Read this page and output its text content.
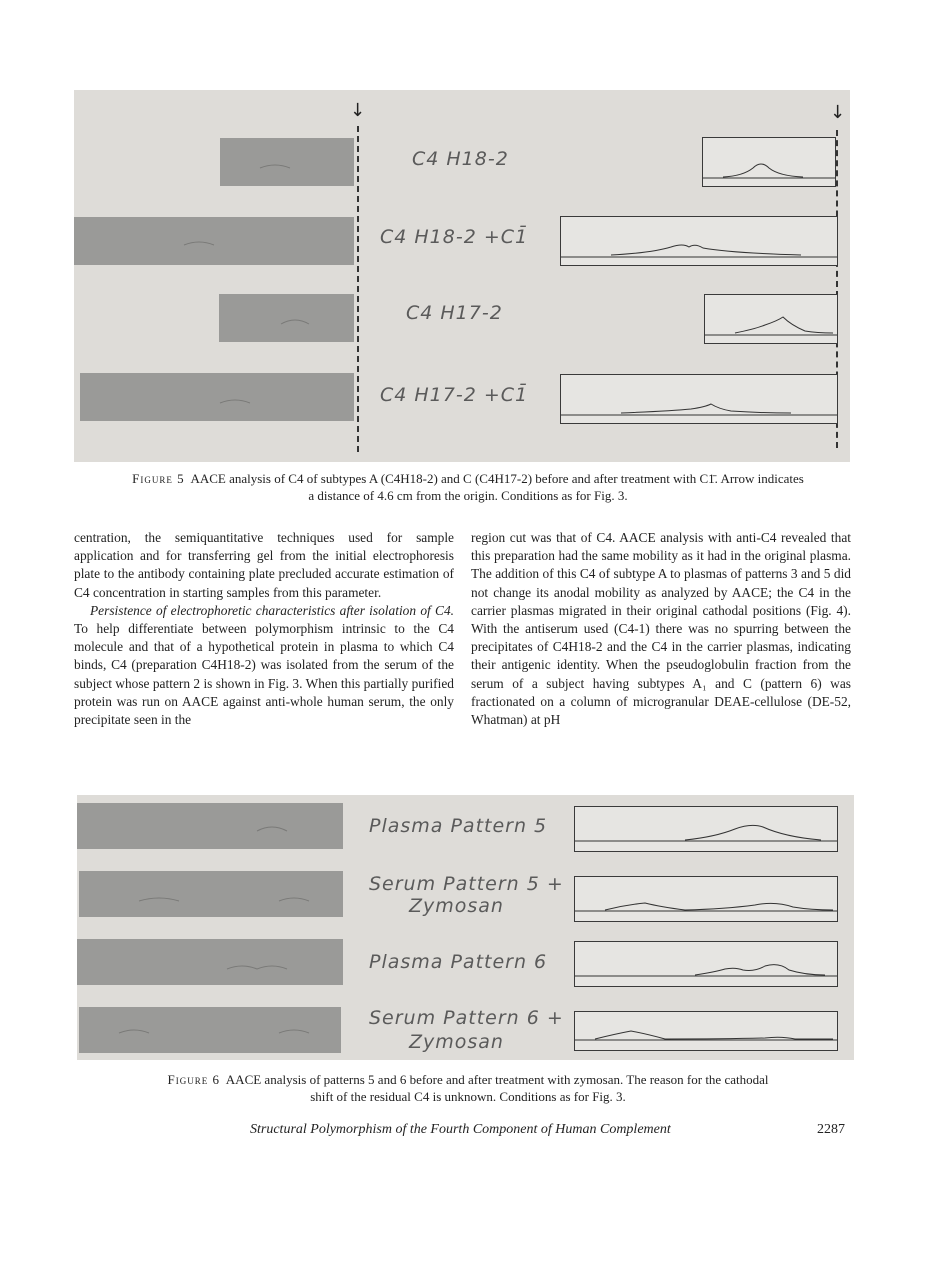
↓	↓
C4 H18-2
C4 H18-2 +C1̄
C4 H17-2
C4 H17-2 +C1̄
Figure 5 AACE analysis of C4 of subtypes A (C4H18-2) and C (C4H17-2) before and after treatment with C1̄. Arrow indicates a distance of 4.6 cm from the origin. Conditions as for Fig. 3.

centration, the semiquantitative techniques used for sample application and for transferring gel from the initial electrophoresis plate to the antibody containing plate precluded accurate estimation of C4 concentration in starting samples from this parameter.

Persistence of electrophoretic characteristics after isolation of C4. To help differentiate between polymorphism intrinsic to the C4 molecule and that of a hypothetical protein in plasma to which C4 binds, C4 (preparation C4H18-2) was isolated from the serum of the subject whose pattern 2 is shown in Fig. 3. When this partially purified protein was run on AACE against anti-whole human serum, the only precipitate seen in the

region cut was that of C4. AACE analysis with anti-C4 revealed that this preparation had the same mobility as it had in the original plasma. The addition of this C4 of subtype A to plasmas of patterns 3 and 5 did not change its anodal mobility as analyzed by AACE; the C4 in the carrier plasmas migrated in their original cathodal positions (Fig. 4). With the antiserum used (C4-1) there was no spurring between the precipitates of C4H18-2 and the C4 in the carrier plasmas, indicating their antigenic identity. When the pseudoglobulin fraction from the serum of a subject having subtypes A₁ and C (pattern 6) was fractionated on a column of microgranular DEAE-cellulose (DE-52, Whatman) at pH

Plasma Pattern 5
Serum Pattern 5 +
Zymosan
Plasma Pattern 6
Serum Pattern 6 +
Zymosan
Figure 6 AACE analysis of patterns 5 and 6 before and after treatment with zymosan. The reason for the cathodal shift of the residual C4 is unknown. Conditions as for Fig. 3.
Structural Polymorphism of the Fourth Component of Human Complement	2287
